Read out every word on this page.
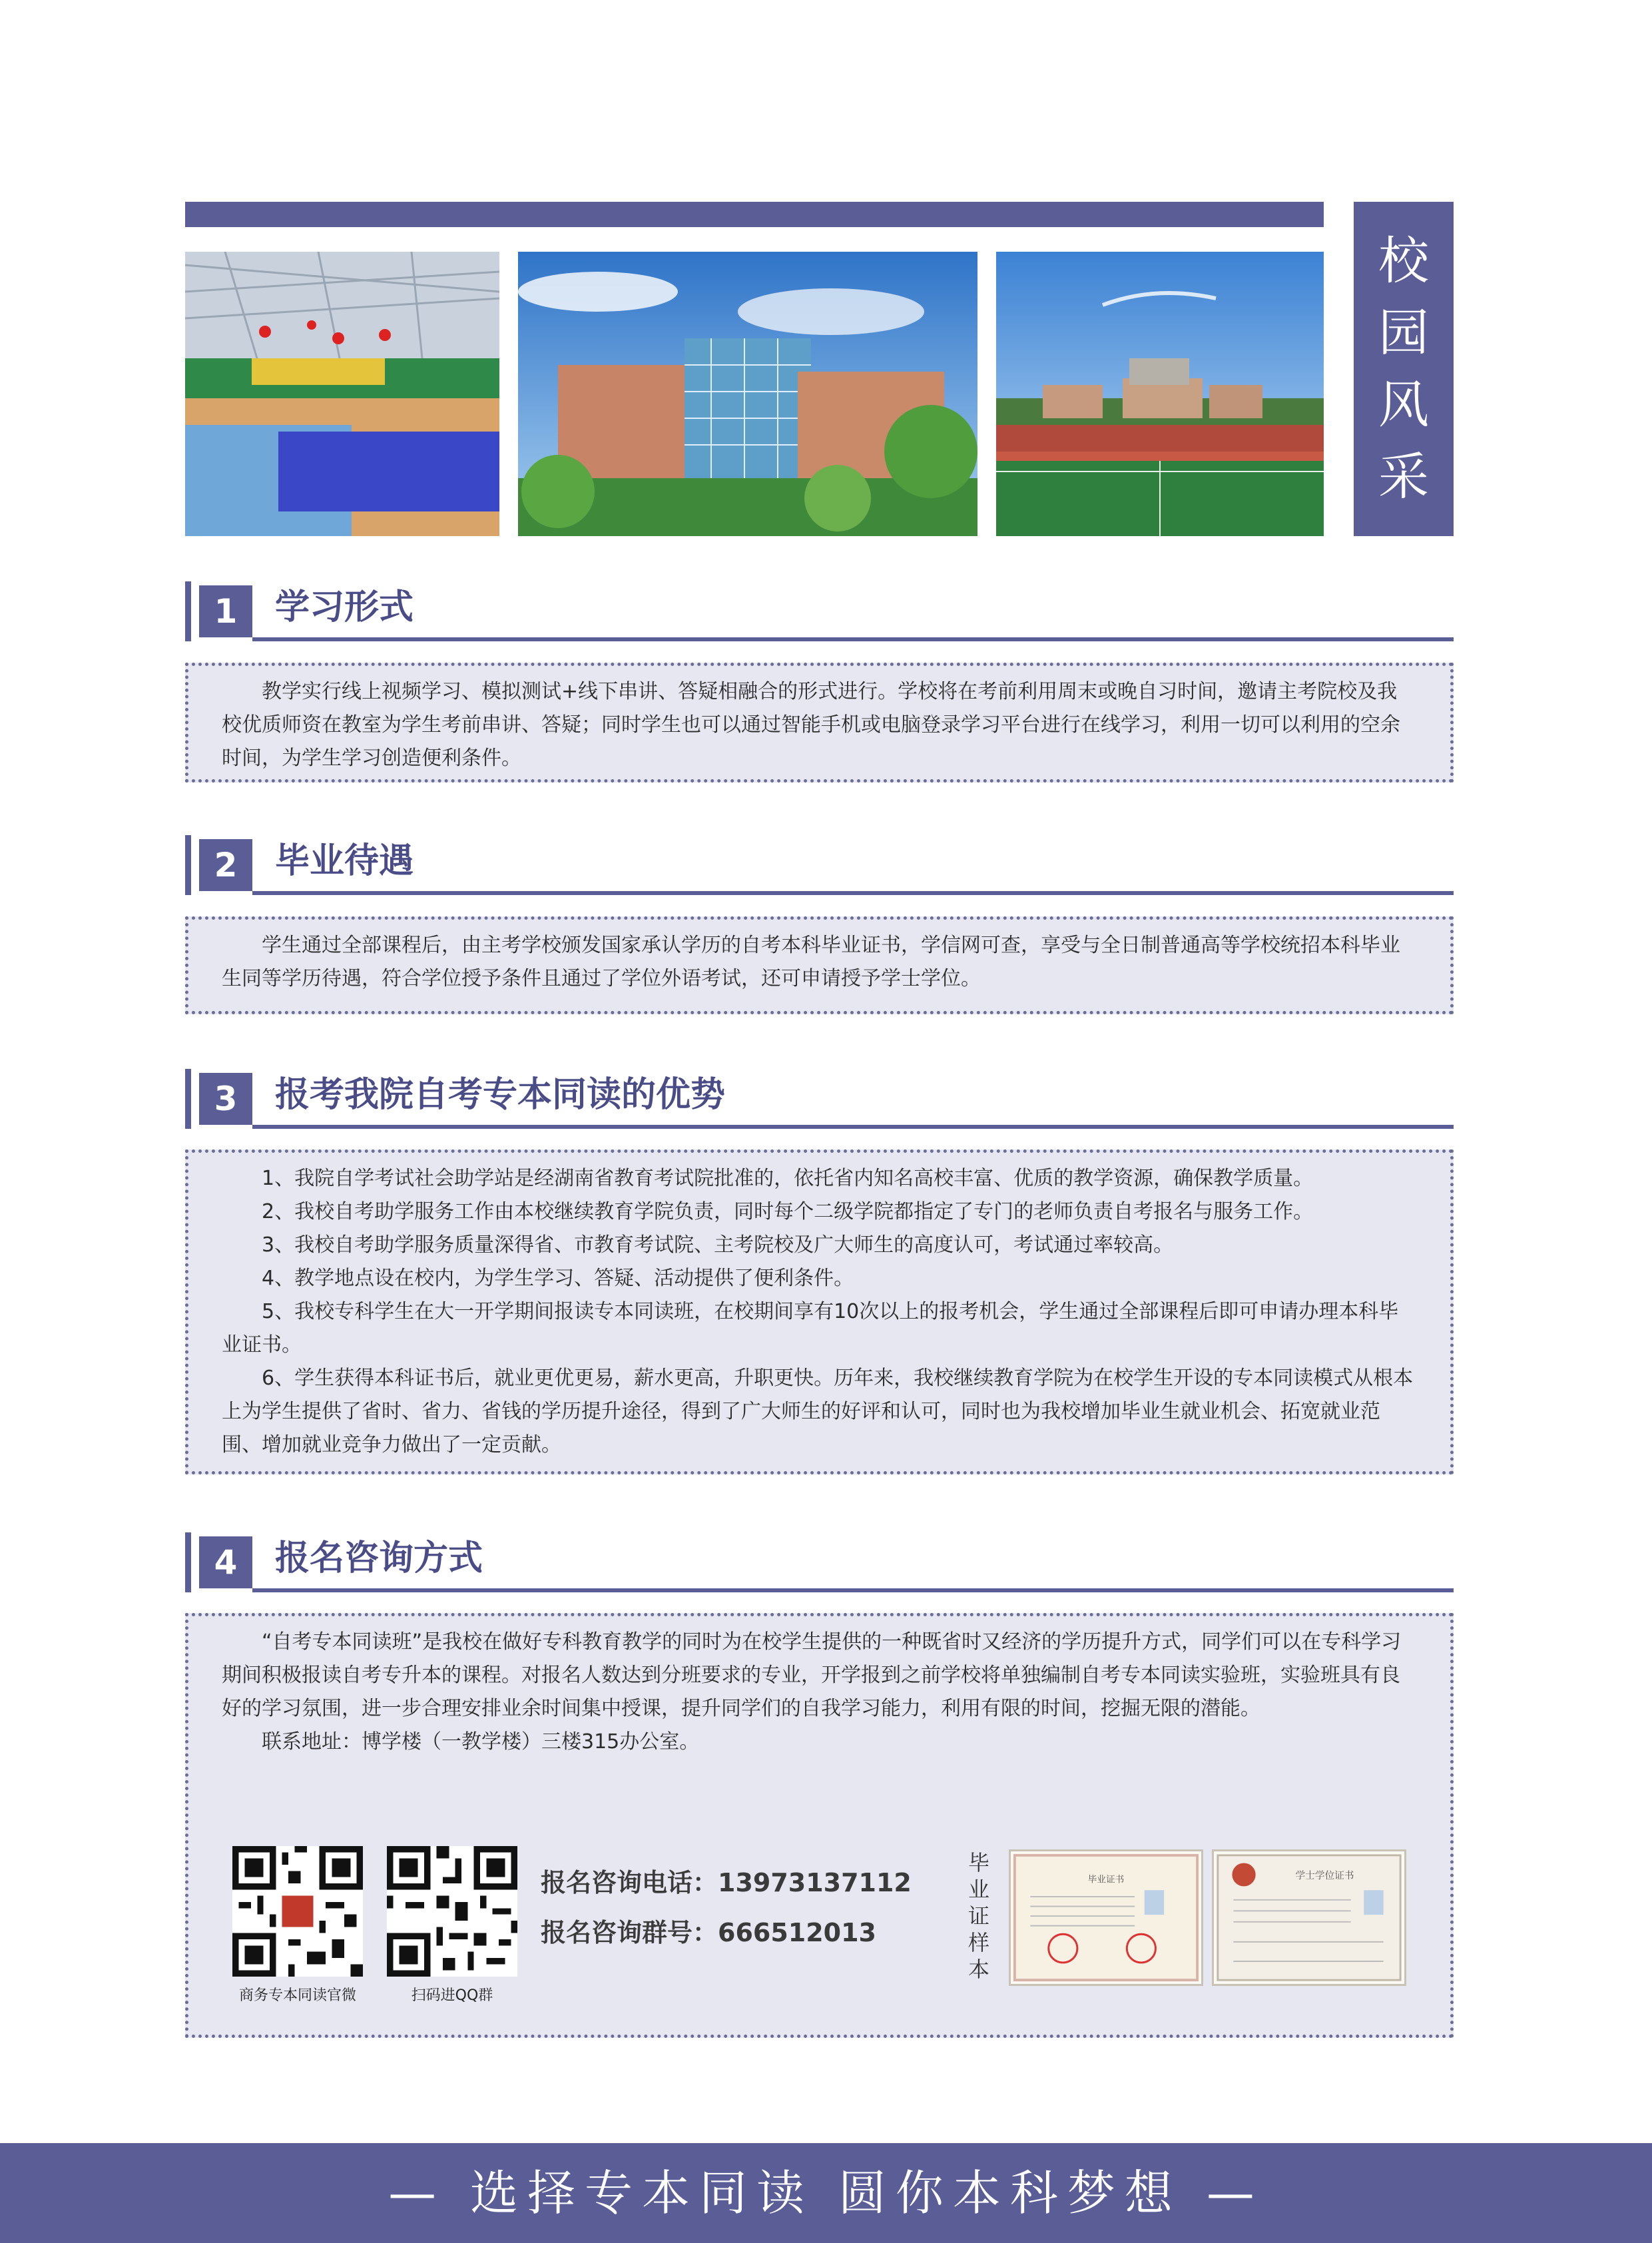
校
园
风
采
1	学习形式

教学实行线上视频学习、模拟测试+线下串讲、答疑相融合的形式进行。学校将在考前利用周末或晚自习时间，邀请主考院校及我校优质师资在教室为学生考前串讲、答疑；同时学生也可以通过智能手机或电脑登录学习平台进行在线学习，利用一切可以利用的空余时间，为学生学习创造便利条件。

2	毕业待遇

学生通过全部课程后，由主考学校颁发国家承认学历的自考本科毕业证书，学信网可查，享受与全日制普通高等学校统招本科毕业生同等学历待遇，符合学位授予条件且通过了学位外语考试，还可申请授予学士学位。

3	报考我院自考专本同读的优势

1、我院自学考试社会助学站是经湖南省教育考试院批准的，依托省内知名高校丰富、优质的教学资源，确保教学质量。

2、我校自考助学服务工作由本校继续教育学院负责，同时每个二级学院都指定了专门的老师负责自考报名与服务工作。

3、我校自考助学服务质量深得省、市教育考试院、主考院校及广大师生的高度认可，考试通过率较高。

4、教学地点设在校内，为学生学习、答疑、活动提供了便利条件。

5、我校专科学生在大一开学期间报读专本同读班，在校期间享有10次以上的报考机会，学生通过全部课程后即可申请办理本科毕业证书。

6、学生获得本科证书后，就业更优更易，薪水更高，升职更快。历年来，我校继续教育学院为在校学生开设的专本同读模式从根本上为学生提供了省时、省力、省钱的学历提升途径，得到了广大师生的好评和认可，同时也为我校增加毕业生就业机会、拓宽就业范围、增加就业竞争力做出了一定贡献。

4	报名咨询方式

“自考专本同读班”是我校在做好专科教育教学的同时为在校学生提供的一种既省时又经济的学历提升方式，同学们可以在专科学习期间积极报读自考专升本的课程。对报名人数达到分班要求的专业，开学报到之前学校将单独编制自考专本同读实验班，实验班具有良好的学习氛围，进一步合理安排业余时间集中授课，提升同学们的自我学习能力，利用有限的时间，挖掘无限的潜能。

联系地址：博学楼（一教学楼）三楼315办公室。

商务专本同读官微	扫码进QQ群
报名咨询电话：13973137112
报名咨询群号：666512013
毕业证样本
毕业证书	学士学位证书
— 选择专本同读 圆你本科梦想 —
